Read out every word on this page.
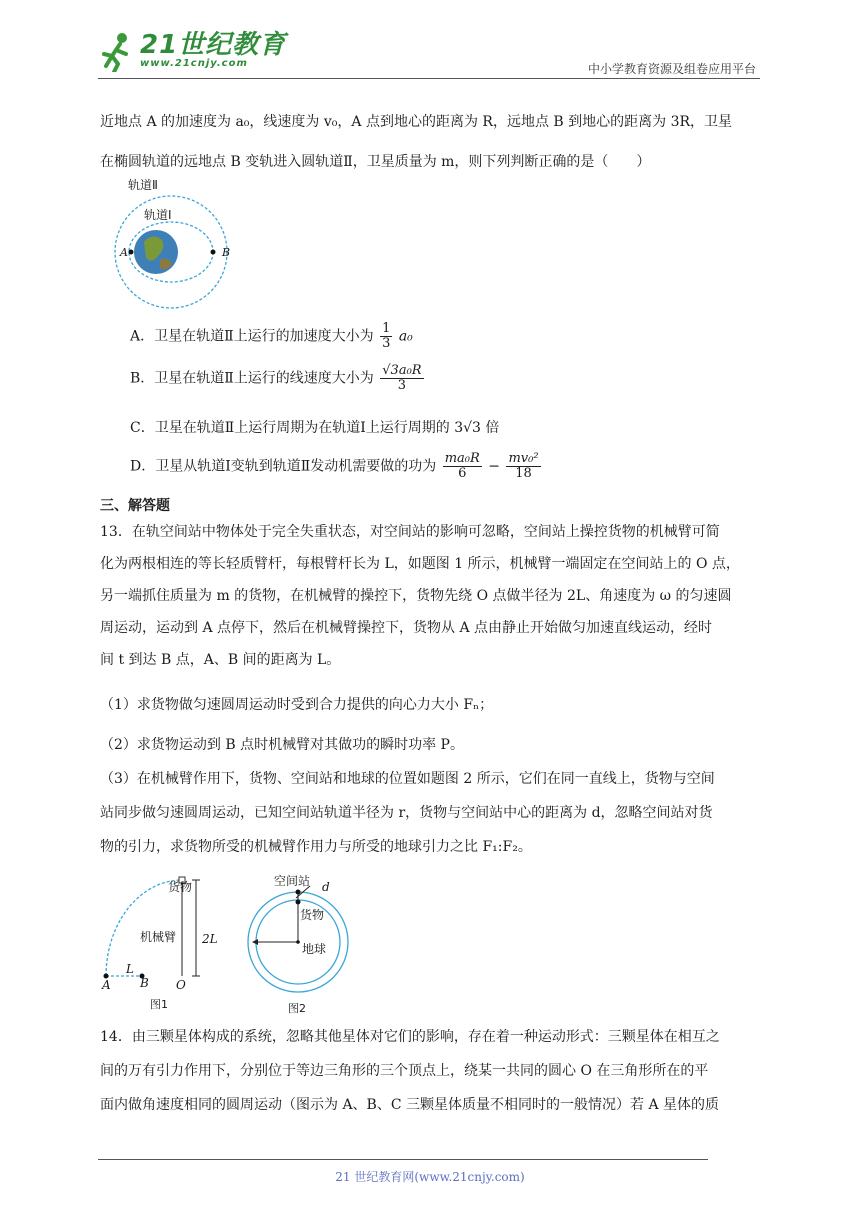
21世纪教育
www.21cnjy.com	中小学教育资源及组卷应用平台
近地点 A 的加速度为 a₀，线速度为 v₀，A 点到地心的距离为 R，远地点 B 到地心的距离为 3R，卫星
在椭圆轨道的远地点 B 变轨进入圆轨道Ⅱ，卫星质量为 m，则下列判断正确的是（　　）
轨道Ⅱ
轨道Ⅰ
A	B
A．卫星在轨道Ⅱ上运行的加速度大小为 $\frac{1}{3} a_0$
B．卫星在轨道Ⅱ上运行的线速度大小为 $\frac{\text{√3a₀R}}{3}$
C．卫星在轨道Ⅱ上运行周期为在轨道Ⅰ上运行周期的 3√3 倍
D．卫星从轨道Ⅰ变轨到轨道Ⅱ发动机需要做的功为 $\frac{\text{ma₀R}}{6} - \frac{\text{mv₀²}}{18}$
三、解答题
13．在轨空间站中物体处于完全失重状态，对空间站的影响可忽略，空间站上操控货物的机械臂可简
化为两根相连的等长轻质臂杆，每根臂杆长为 L，如题图 1 所示，机械臂一端固定在空间站上的 O 点，
另一端抓住质量为 m 的货物，在机械臂的操控下，货物先绕 O 点做半径为 2L、角速度为 ω 的匀速圆
周运动，运动到 A 点停下，然后在机械臂操控下，货物从 A 点由静止开始做匀加速直线运动，经时
间 t 到达 B 点，A、B 间的距离为 L。
（1）求货物做匀速圆周运动时受到合力提供的向心力大小 Fₙ；
（2）求货物运动到 B 点时机械臂对其做功的瞬时功率 P。
（3）在机械臂作用下，货物、空间站和地球的位置如题图 2 所示，它们在同一直线上，货物与空间
站同步做匀速圆周运动，已知空间站轨道半径为 r，货物与空间站中心的距离为 d，忽略空间站对货
物的引力，求货物所受的机械臂作用力与所受的地球引力之比 F₁:F₂。
货物
机械臂 2L
O
L
A B
图1
空间站 d
货物
地球
图2
14．由三颗星体构成的系统，忽略其他星体对它们的影响，存在着一种运动形式：三颗星体在相互之
间的万有引力作用下，分别位于等边三角形的三个顶点上，绕某一共同的圆心 O 在三角形所在的平
面内做角速度相同的圆周运动（图示为 A、B、C 三颗星体质量不相同时的一般情况）若 A 星体的质
21 世纪教育网(www.21cnjy.com)
